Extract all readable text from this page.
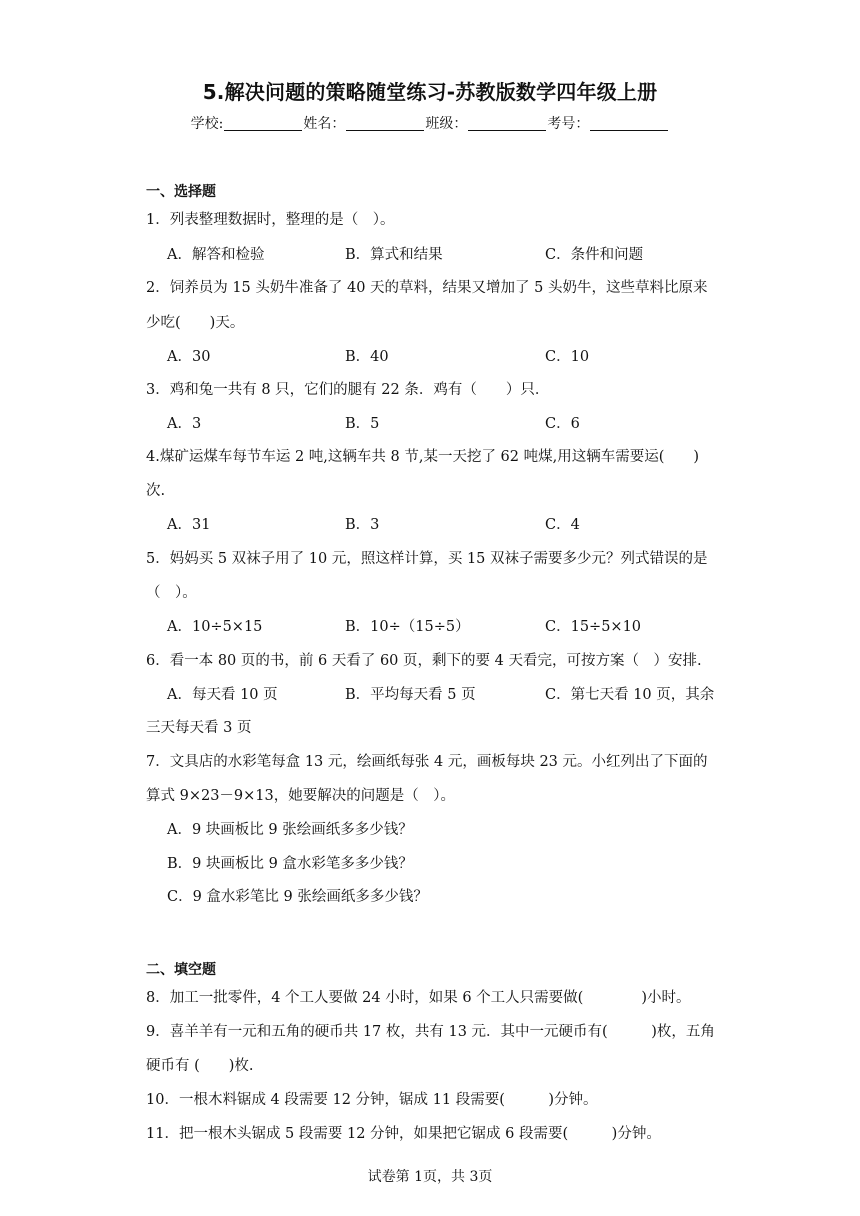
5.解决问题的策略随堂练习-苏教版数学四年级上册
学校:	姓名：	班级：	考号：
一、选择题
1．列表整理数据时，整理的是（　）。
A．解答和检验	B．算式和结果	C．条件和问题
2．饲养员为 15 头奶牛准备了 40 天的草料，结果又增加了 5 头奶牛，这些草料比原来
少吃(　　)天。
A．30	B．40	C．10
3．鸡和兔一共有 8 只，它们的腿有 22 条．鸡有（　　）只．
A．3	B．5	C．6
4.煤矿运煤车每节车运 2 吨,这辆车共 8 节,某一天挖了 62 吨煤,用这辆车需要运(　　)
次.
A．31	B．3	C．4
5．妈妈买 5 双袜子用了 10 元，照这样计算，买 15 双袜子需要多少元？列式错误的是
（　）。
A．10÷5×15	B．10÷（15÷5）	C．15÷5×10
6．看一本 80 页的书，前 6 天看了 60 页，剩下的要 4 天看完，可按方案（　）安排.
A．每天看 10 页	B．平均每天看 5 页	C．第七天看 10 页，其余
三天每天看 3 页
7．文具店的水彩笔每盒 13 元，绘画纸每张 4 元，画板每块 23 元。小红列出了下面的
算式 9×23－9×13，她要解决的问题是（　）。
A．9 块画板比 9 张绘画纸多多少钱？
B．9 块画板比 9 盒水彩笔多多少钱？
C．9 盒水彩笔比 9 张绘画纸多多少钱？
二、填空题
8．加工一批零件，4 个工人要做 24 小时，如果 6 个工人只需要做(　　　　)小时。
9．喜羊羊有一元和五角的硬币共 17 枚，共有 13 元．其中一元硬币有(　　　)枚，五角
硬币有 (　　)枚.
10．一根木料锯成 4 段需要 12 分钟，锯成 11 段需要(　　　)分钟。
11．把一根木头锯成 5 段需要 12 分钟，如果把它锯成 6 段需要(　　　)分钟。
试卷第 1页，共 3页
